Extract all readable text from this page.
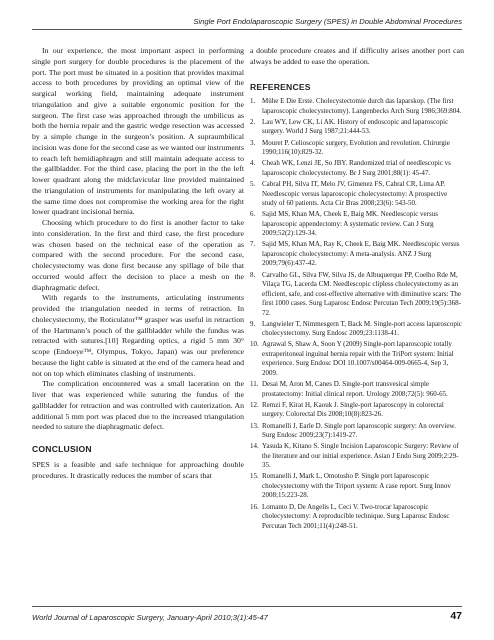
Single Port Endolaparoscopic Surgery (SPES) in Double Abdominal Procedures

In our experience, the most important aspect in performing single port surgery for double procedures is the placement of the port. The port must be situated in a position that provides maximal access to both procedures by providing an optimal view of the surgical working field, maintaining adequate instrument triangulation and give a suitable ergonomic position for the surgeon. The first case was approached through the umbilicus as both the hernia repair and the gastric wedge resection was accessed by a simple change in the surgeon’s position. A supraumbilical incision was done for the second case as we wanted our instruments to reach left hemidiaphragm and still maintain adequate access to the gallbladder. For the third case, placing the port in the the left lower quadrant along the midclavicular line provided maintained the triangulation of instruments for manipulating the left ovary at the same time does not compromise the working area for the right lower quadrant incisional hernia.

Choosing which procedure to do first is another factor to take into consideration. In the first and third case, the first procedure was chosen based on the technical ease of the operation as compared with the second procedure. For the second case, cholecystectomy was done first because any spillage of bile that occurred would affect the decision to place a mesh on the diaphragmatic defect.

With regards to the instruments, articulating instruments provided the triangulation needed in terms of retraction. In cholecystectomy, the Roticulator™ grasper was useful in retraction of the Hartmann’s pouch of the gallbladder while the fundus was retracted with sutures.[10] Regarding optics, a rigid 5 mm 30° scope (Endoeye™, Olympus, Tokyo, Japan) was our preference because the light cable is situated at the end of the camera head and not on top which eliminates clashing of instruments.

The complication encountered was a small laceration on the liver that was experienced while suturing the fundus of the gallbladder for retraction and was controlled with cauterization. An additional 5 mm port was placed due to the increased triangulation needed to suture the diaphragmatic defect.

CONCLUSION

SPES is a feasible and safe technique for approaching double procedures. It drastically reduces the number of scars that

a double procedure creates and if difficulty arises another port can always be added to ease the operation.

REFERENCES
1. Mühe E Die Erste. Cholecystectomie durch das laparskop. (The first laparoscopic cholecystectomy). Langenbecks Arch Surg 1986;369:804.
2. Lau WY, Lew CK, Li AK. History of endoscopic and laparoscopic surgery. World J Surg 1987;21:444-53.
3. Mouret P. Celioscopic surgery, Evolution and revolution. Chirurgie 1990;116(10):829-32.
4. Cheah WK, Lenzi JE, So JBY. Randomized trial of needlescopic vs laparoscopic cholecystectomy. Br J Surg 2001;88(1): 45-47.
5. Cabral PH, Silva IT, Melo JV, Gimenez FS, Cabral CR, Lima AP. Needlescopic versus laparoscopic cholecystectomy: A prospective study of 60 patients. Acta Cir Bras 2008;23(6): 543-50.
6. Sajid MS, Khan MA, Cheek E, Baig MK. Needlescopic versus laparoscopic appendectomy: A systematic review. Can J Surg 2009;52(2):129-34.
7. Sajid MS, Khan MA, Ray K, Cheek E, Baig MK. Needlescopic versus laparoscopic cholecystectomy: A meta-analysis. ANZ J Surg 2009;79(6):437-42.
8. Carvalho GL, Silva FW, Silva JS, de Albuquerque PP, Coelho Rde M, Vilaça TG, Lacerda CM. Needlescopic clipless cholecystectomy as an efficient, safe, and cost-effective alternative with diminutive scars: The first 1000 cases. Surg Laparosc Endosc Percutan Tech 2009;19(5):368-72.
9. Langwieler T, Nimmesgern T, Back M. Single-port access laparoscopic cholecystectomy. Surg Endosc 2009;23:1138-41.
10. Agrawal S, Shaw A, Soon Y (2009) Single-port laparoscopic totally extraperitoneal inguinal hernia repair with the TriPort system: Initial experience. Surg Endosc DOI 10.1007/s00464-009-0665-4, Sep 3, 2009.
11. Desai M, Aron M, Canes D. Single-port transvesical simple prostatectomy: Initial clinical report. Urology 2008;72(5): 960-65.
12. Remzi F, Kirat H, Kaouk J. Single-port laparoscopy in colorectal surgery. Colorectal Dis 2008;10(8):823-26.
13. Romanelli J, Earle D. Single port laparoscopic surgery: An overview. Surg Endosc 2009;23(7):1419-27.
14. Yasuda K, Kitano S. Single Incision Laparoscopic Surgery: Review of the literature and our initial experience. Asian J Endo Surg 2009;2:29-35.
15. Romanelli J, Mark L, Omotosho P. Single port laparoscopic cholecystectomy with the Triport system: A case report. Surg Innov 2008;15:223-28.
16. Lomanto D, De Angelis L, Ceci V. Two-trocar laparoscopic cholecystectomy: A reproducible technique. Surg Laparosc Endosc Percutan Tech 2001;11(4):248-51.
World Journal of Laparoscopic Surgery, January-April 2010;3(1):45-47	47
